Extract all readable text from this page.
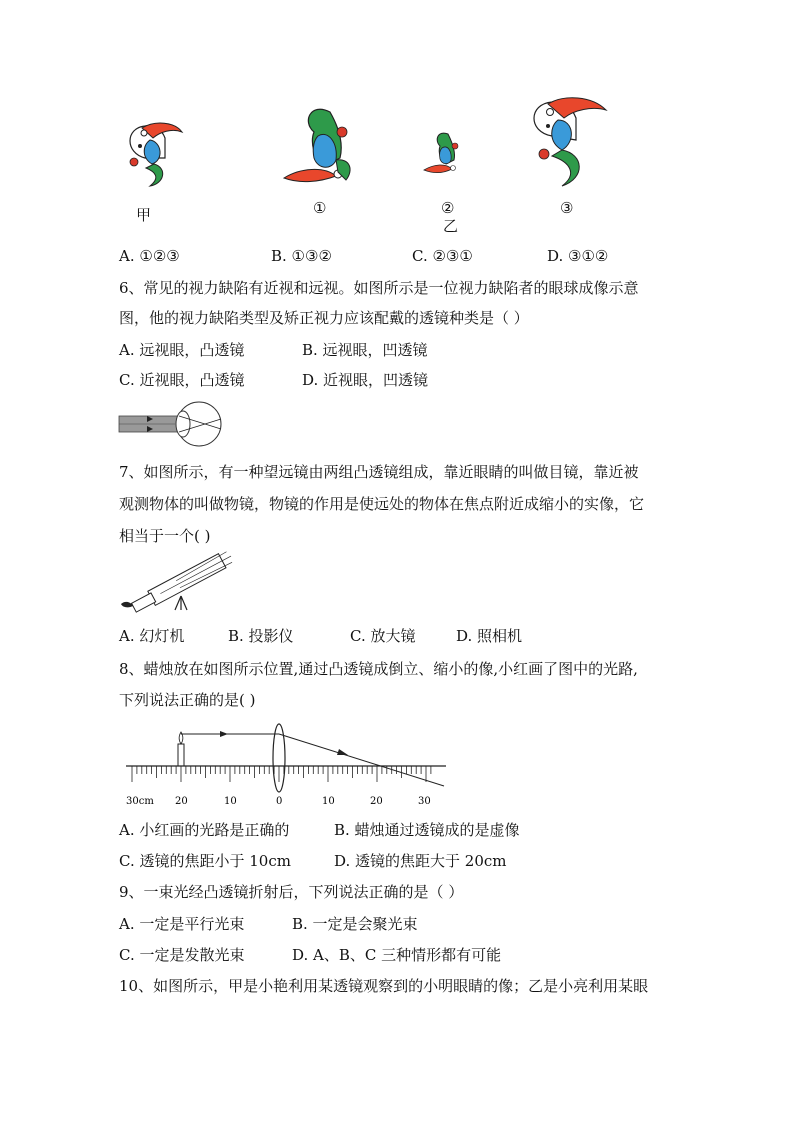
甲	①	②
乙
③
A. ①②③	B. ①③②	C. ②③①	D. ③①②
6、常见的视力缺陷有近视和远视。如图所示是一位视力缺陷者的眼球成像示意
图，他的视力缺陷类型及矫正视力应该配戴的透镜种类是（ ）
A. 远视眼，凸透镜	B. 远视眼，凹透镜
C. 近视眼，凸透镜	D. 近视眼，凹透镜
7、如图所示，有一种望远镜由两组凸透镜组成，靠近眼睛的叫做目镜，靠近被
观测物体的叫做物镜，物镜的作用是使远处的物体在焦点附近成缩小的实像，它
相当于一个( )
A. 幻灯机	B. 投影仪	C. 放大镜	D. 照相机
8、蜡烛放在如图所示位置,通过凸透镜成倒立、缩小的像,小红画了图中的光路,
下列说法正确的是( )
30cm 20	10	0	10	20	30
A. 小红画的光路是正确的	B. 蜡烛通过透镜成的是虚像
C. 透镜的焦距小于 10cm	D. 透镜的焦距大于 20cm
9、一束光经凸透镜折射后，下列说法正确的是（ ）
A. 一定是平行光束	B. 一定是会聚光束
C. 一定是发散光束	D. A、B、C 三种情形都有可能
10、如图所示，甲是小艳利用某透镜观察到的小明眼睛的像；乙是小亮利用某眼
